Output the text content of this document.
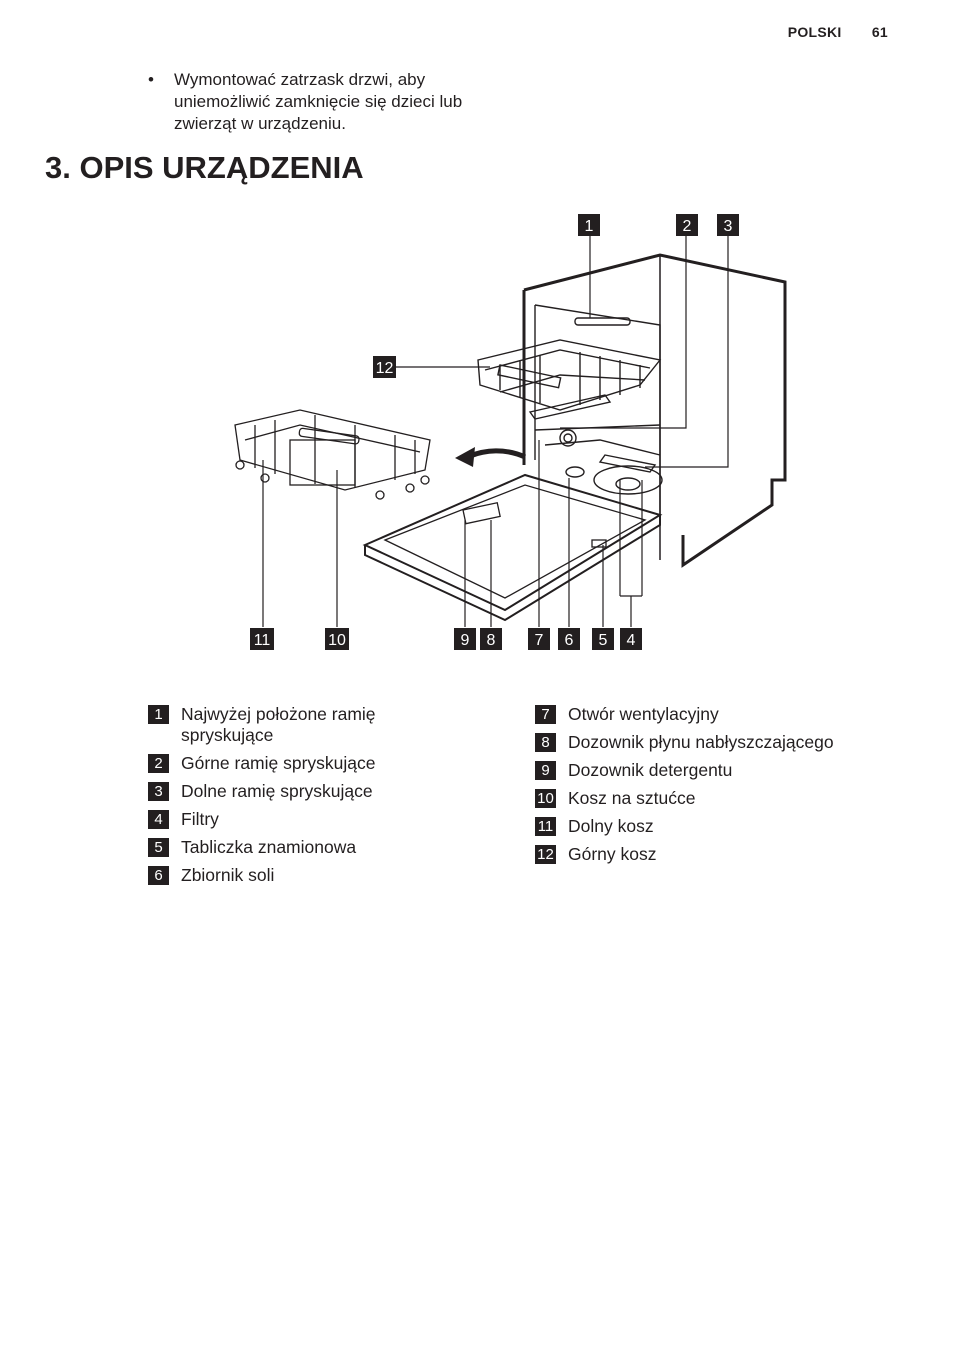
POLSKI 61
• Wymontować zatrzask drzwi, aby uniemożliwić zamknięcie się dzieci lub zwierząt w urządzeniu.
3. OPIS URZĄDZENIA
1	2 3
12
11	10	9 8 7 6 5 4
1	Najwyżej położone ramię spryskujące
2	Górne ramię spryskujące
3	Dolne ramię spryskujące
4	Filtry
5	Tabliczka znamionowa
6	Zbiornik soli
7	Otwór wentylacyjny
8	Dozownik płynu nabłyszczającego
9	Dozownik detergentu
10 Kosz na sztućce
11 Dolny kosz
12 Górny kosz
